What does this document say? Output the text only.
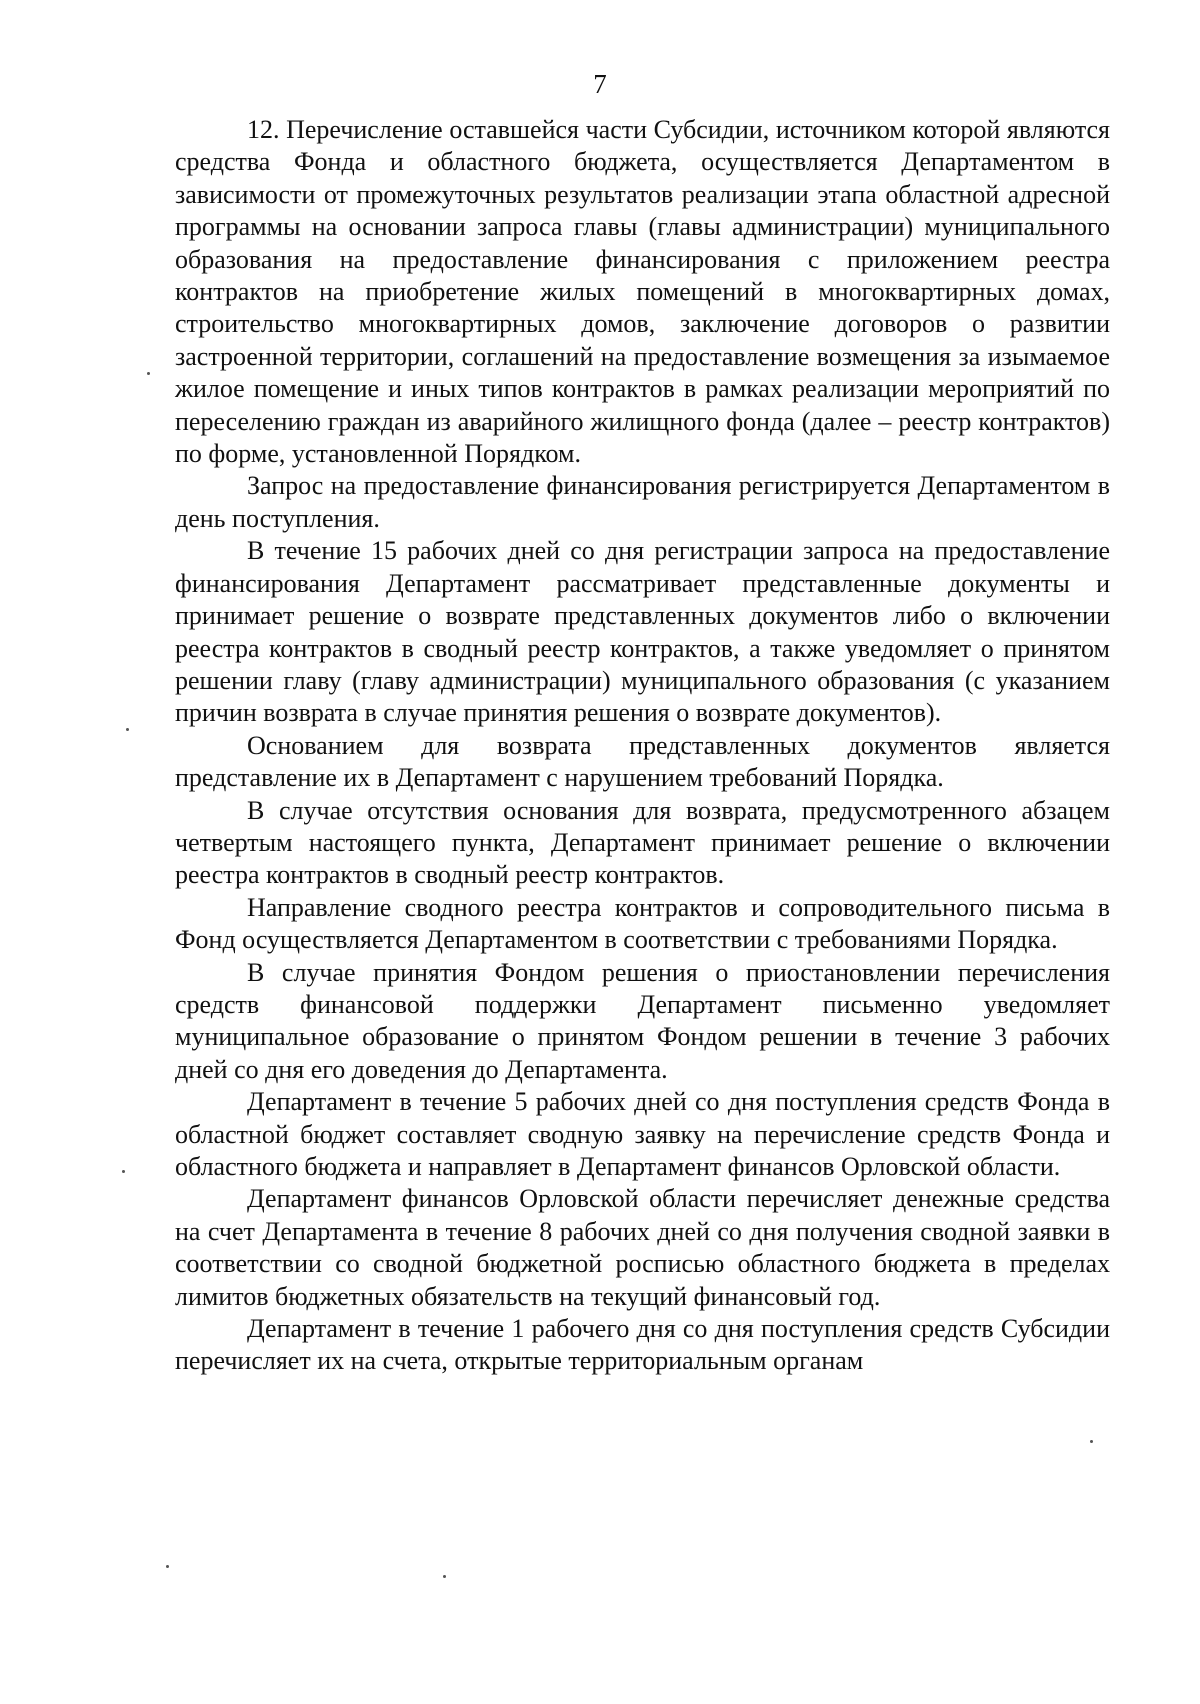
7

12. Перечисление оставшейся части Субсидии, источником которой являются средства Фонда и областного бюджета, осуществляется Департаментом в зависимости от промежуточных результатов реализации этапа областной адресной программы на основании запроса главы (главы администрации) муниципального образования на предоставление финансирования с приложением реестра контрактов на приобретение жилых помещений в многоквартирных домах, строительство многоквартирных домов, заключение договоров о развитии застроенной территории, соглашений на предоставление возмещения за изымаемое жилое помещение и иных типов контрактов в рамках реализации мероприятий по переселению граждан из аварийного жилищного фонда (далее – реестр контрактов) по форме, установленной Порядком.

Запрос на предоставление финансирования регистрируется Департаментом в день поступления.

В течение 15 рабочих дней со дня регистрации запроса на предоставление финансирования Департамент рассматривает представленные документы и принимает решение о возврате представленных документов либо о включении реестра контрактов в сводный реестр контрактов, а также уведомляет о принятом решении главу (главу администрации) муниципального образования (с указанием причин возврата в случае принятия решения о возврате документов).

Основанием для возврата представленных документов является представление их в Департамент с нарушением требований Порядка.

В случае отсутствия основания для возврата, предусмотренного абзацем четвертым настоящего пункта, Департамент принимает решение о включении реестра контрактов в сводный реестр контрактов.

Направление сводного реестра контрактов и сопроводительного письма в Фонд осуществляется Департаментом в соответствии с требованиями Порядка.

В случае принятия Фондом решения о приостановлении перечисления средств финансовой поддержки Департамент письменно уведомляет муниципальное образование о принятом Фондом решении в течение 3 рабочих дней со дня его доведения до Департамента.

Департамент в течение 5 рабочих дней со дня поступления средств Фонда в областной бюджет составляет сводную заявку на перечисление средств Фонда и областного бюджета и направляет в Департамент финансов Орловской области.

Департамент финансов Орловской области перечисляет денежные средства на счет Департамента в течение 8 рабочих дней со дня получения сводной заявки в соответствии со сводной бюджетной росписью областного бюджета в пределах лимитов бюджетных обязательств на текущий финансовый год.

Департамент в течение 1 рабочего дня со дня поступления средств Субсидии перечисляет их на счета, открытые территориальным органам
